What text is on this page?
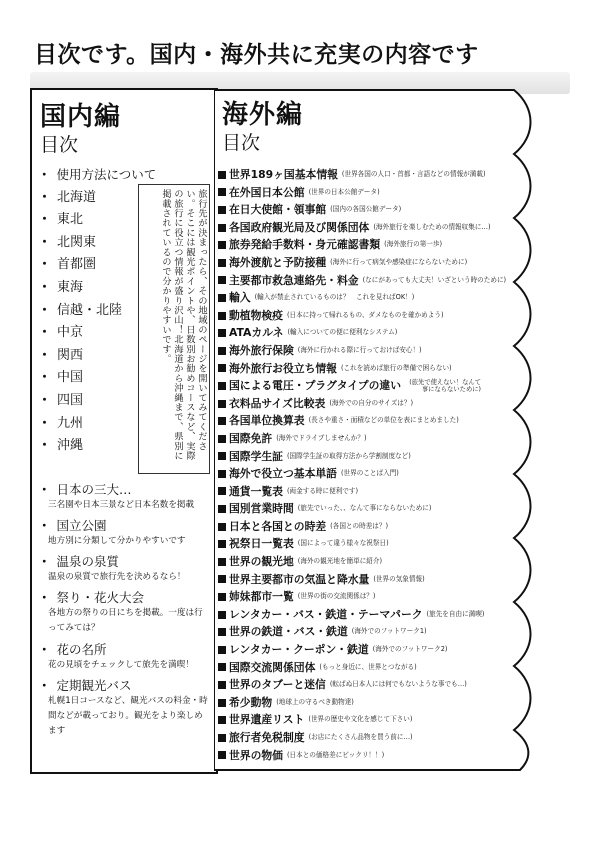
目次です。国内・海外共に充実の内容です
国内編
目次
・ 使用方法について
・ 北海道
・ 東北
・ 北関東
・ 首都圏
・ 東海
・ 信越・北陸
・ 中京
・ 関西
・ 中国
・ 四国
・ 九州
・ 沖縄	旅行先が決まったら、その地域のページを開いてみてください。そこには観光ポイントや、日数別お勧めコースなど、実際の旅行に役立つ情報が盛り沢山！北海道から沖縄まで、県別に掲載されているので分かりやすいです。
・ 日本の三大…
三名園や日本三景など日本名数を掲載
・ 国立公園
地方別に分類して分かりやすいです
・ 温泉の泉質
温泉の泉質で旅行先を決めるなら！
・ 祭り・花火大会
各地方の祭りの日にちを掲載。一度は行ってみては？
・ 花の名所
花の見頃をチェックして旅先を満喫！
・ 定期観光バス
札幌1日コースなど、観光バスの料金・時間などが載っており。観光をより楽しめます
海外編
目次
世界189ヶ国基本情報 (世界各国の人口・首都・言語などの情報が満載)
在外国日本公館 (世界の日本公館データ)
在日大使館・領事館 (国内の各国公館データ)
各国政府観光局及び関係団体 (海外旅行を楽しむための情報収集に…)
旅券発給手数料・身元確認書類 (海外旅行の第一歩)
海外渡航と予防接種 (海外に行って病気や感染症にならないために)
主要都市救急連絡先・料金 (なにがあっても大丈夫！いざという時のために)
輸入 (輸入が禁止されているものは？　これを見ればOK！)
動植物検疫 (日本に持って帰れるもの、ダメなものを確かめよう)
ATAカルネ (輸入についての便に便利なシステム)
海外旅行保険 (海外に行かれる際に行っておけば安心！)
海外旅行お役立ち情報 (これを読めば旅行の準備で困らない)
国による電圧・プラグタイプの違い	(旅先で使えない！なんて事にならないために)
衣料品サイズ比較表 (海外での自分のサイズは？)
各国単位換算表 (長さや重さ・面積などの単位を表にまとめました)
国際免許 (海外でドライブしませんか？)
国際学生証 (国際学生証の取得方法から学割制度など)
海外で役立つ基本単語 (世界のことば入門)
通貨一覧表 (両金する時に便利です)
国別営業時間 (旅先でいった、、なんて事にならないために)
日本と各国との時差 (各国との時差は？)
祝祭日一覧表 (国によって違う様々な祝祭日)
世界の観光地 (海外の観光地を簡単に紹介)
世界主要都市の気温と降水量 (世界の気象情報)
姉妹都市一覧 (世界の街の交流関係は？)
レンタカー・バス・鉄道・テーマパーク (旅先を自由に満喫)
世界の鉄道・バス・鉄道 (海外でのフットワーク1)
レンタカー・クーポン・鉄道 (海外でのフットワーク2)
国際交流関係団体 (もっと身近に、世界とつながる)
世界のタブーと迷信 (転ばぬ日本人には何でもないような事でも…)
希少動物 (地球上の守るべき動物達)
世界遺産リスト (世界の歴史や文化を感じて下さい)
旅行者免税制度 (お店にたくさん品物を買う前に…)
世界の物価 (日本との価格差にビックリ！！)
